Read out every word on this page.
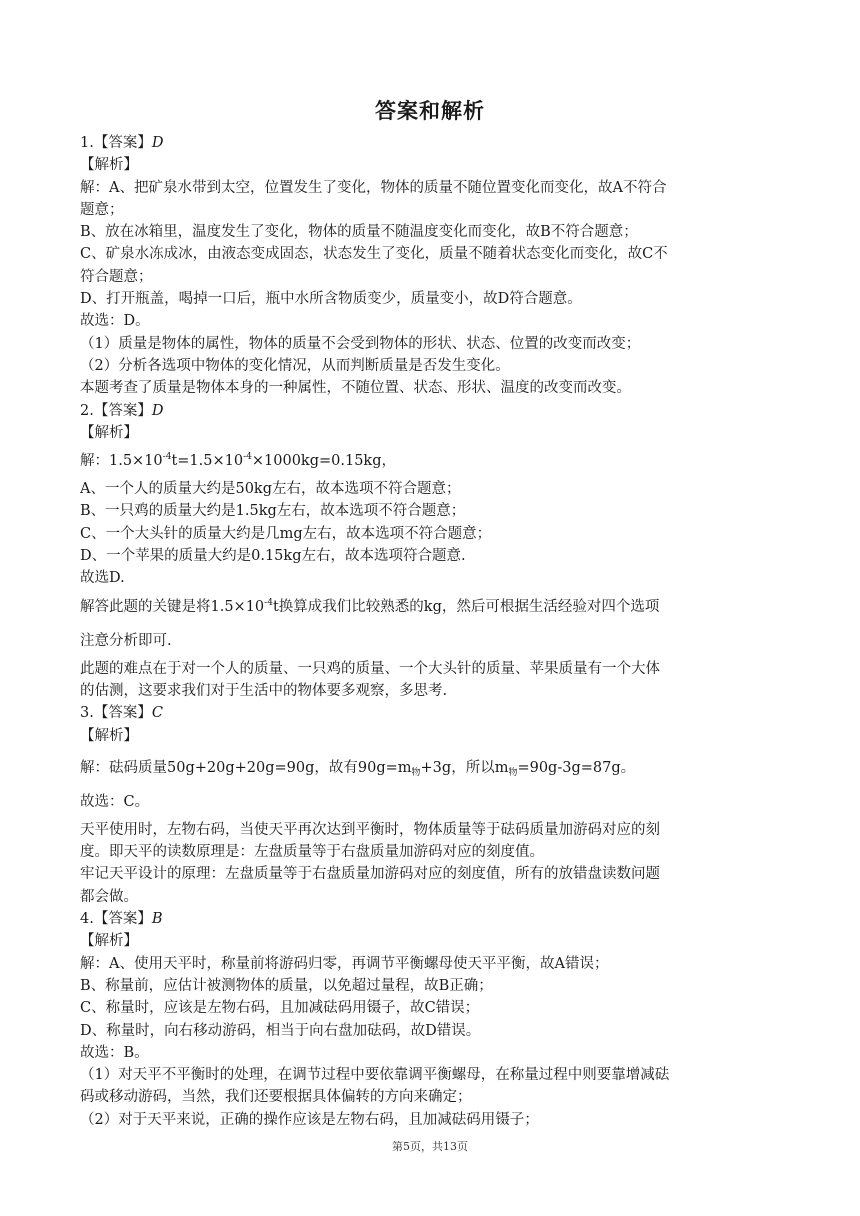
答案和解析
1.【答案】D
【解析】
解：A、把矿泉水带到太空，位置发生了变化，物体的质量不随位置变化而变化，故A不符合
题意；
B、放在冰箱里，温度发生了变化，物体的质量不随温度变化而变化，故B不符合题意；
C、矿泉水冻成冰，由液态变成固态，状态发生了变化，质量不随着状态变化而变化，故C不
符合题意；
D、打开瓶盖，喝掉一口后，瓶中水所含物质变少，质量变小，故D符合题意。
故选：D。
（1）质量是物体的属性，物体的质量不会受到物体的形状、状态、位置的改变而改变；
（2）分析各选项中物体的变化情况，从而判断质量是否发生变化。
本题考查了质量是物体本身的一种属性，不随位置、状态、形状、温度的改变而改变。
2.【答案】D
【解析】
解：$1.5\times 10^{-4}t=1.5\times 10^{-4}\times 1000kg=0.15kg$，
A、一个人的质量大约是50kg左右，故本选项不符合题意；
B、一只鸡的质量大约是1.5kg左右，故本选项不符合题意；
C、一个大头针的质量大约是几mg左右，故本选项不符合题意；
D、一个苹果的质量大约是0.15kg左右，故本选项符合题意.
故选D.
解答此题的关键是将$1.5\times 10^{-4}t$换算成我们比较熟悉的kg，然后可根据生活经验对四个选项
注意分析即可.
此题的难点在于对一个人的质量、一只鸡的质量、一个大头针的质量、苹果质量有一个大体
的估测，这要求我们对于生活中的物体要多观察，多思考.
3.【答案】C
【解析】
解：砝码质量50g+20g+20g=90g，故有$90g=m_物+3g$，所以$m_物=90g-3g=87g$。
故选：C。
天平使用时，左物右码，当使天平再次达到平衡时，物体质量等于砝码质量加游码对应的刻
度。即天平的读数原理是：左盘质量等于右盘质量加游码对应的刻度值。
牢记天平设计的原理：左盘质量等于右盘质量加游码对应的刻度值，所有的放错盘读数问题
都会做。
4.【答案】B
【解析】
解：A、使用天平时，称量前将游码归零，再调节平衡螺母使天平平衡，故A错误；
B、称量前，应估计被测物体的质量，以免超过量程，故B正确；
C、称量时，应该是左物右码，且加减砝码用镊子，故C错误；
D、称量时，向右移动游码，相当于向右盘加砝码，故D错误。
故选：B。
（1）对天平不平衡时的处理，在调节过程中要依靠调平衡螺母，在称量过程中则要靠增减砝
码或移动游码，当然，我们还要根据具体偏转的方向来确定；
（2）对于天平来说，正确的操作应该是左物右码，且加减砝码用镊子；
第5页，共13页
